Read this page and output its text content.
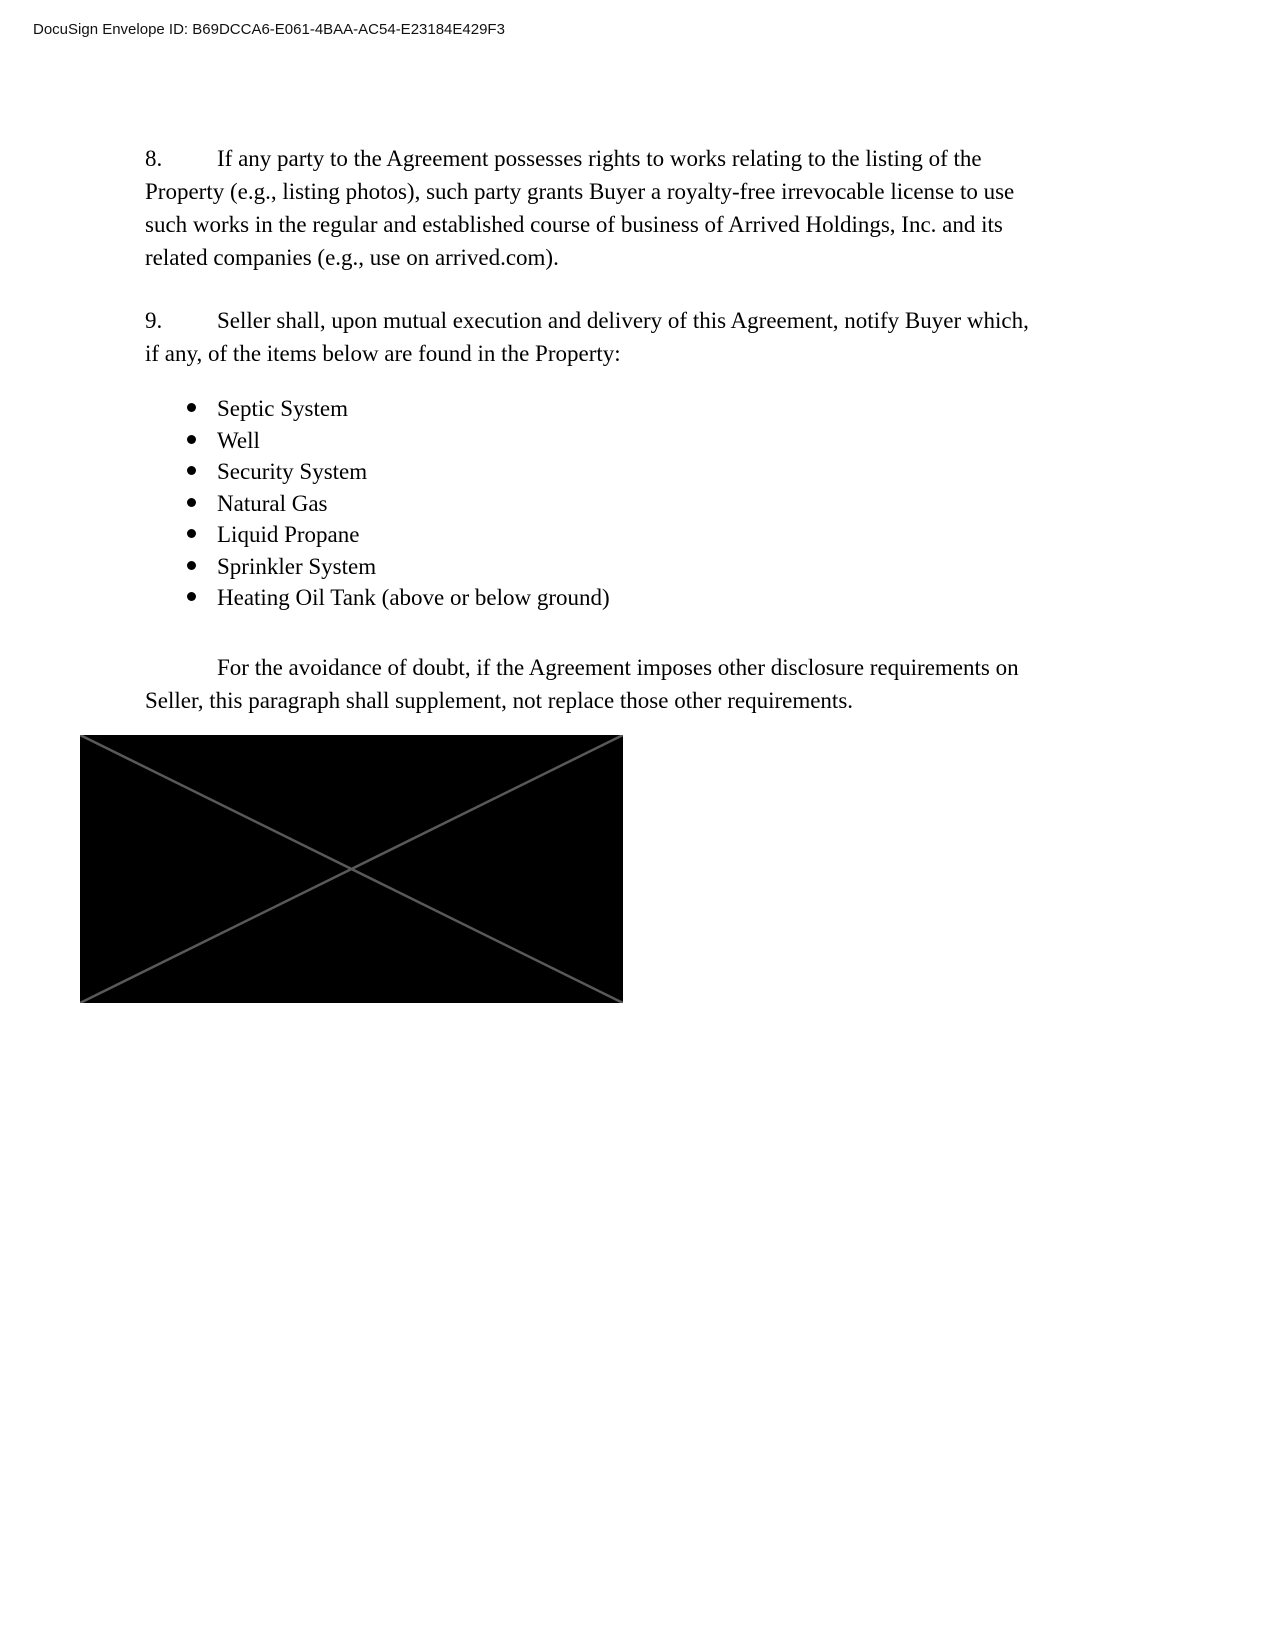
DocuSign Envelope ID: B69DCCA6-E061-4BAA-AC54-E23184E429F3
8. If any party to the Agreement possesses rights to works relating to the listing of the
Property (e.g., listing photos), such party grants Buyer a royalty-free irrevocable license to use
such works in the regular and established course of business of Arrived Holdings, Inc. and its
related companies (e.g., use on arrived.com).
9. Seller shall, upon mutual execution and delivery of this Agreement, notify Buyer which,
if any, of the items below are found in the Property:
Septic System
Well
Security System
Natural Gas
Liquid Propane
Sprinkler System
Heating Oil Tank (above or below ground)
For the avoidance of doubt, if the Agreement imposes other disclosure requirements on
Seller, this paragraph shall supplement, not replace those other requirements.
